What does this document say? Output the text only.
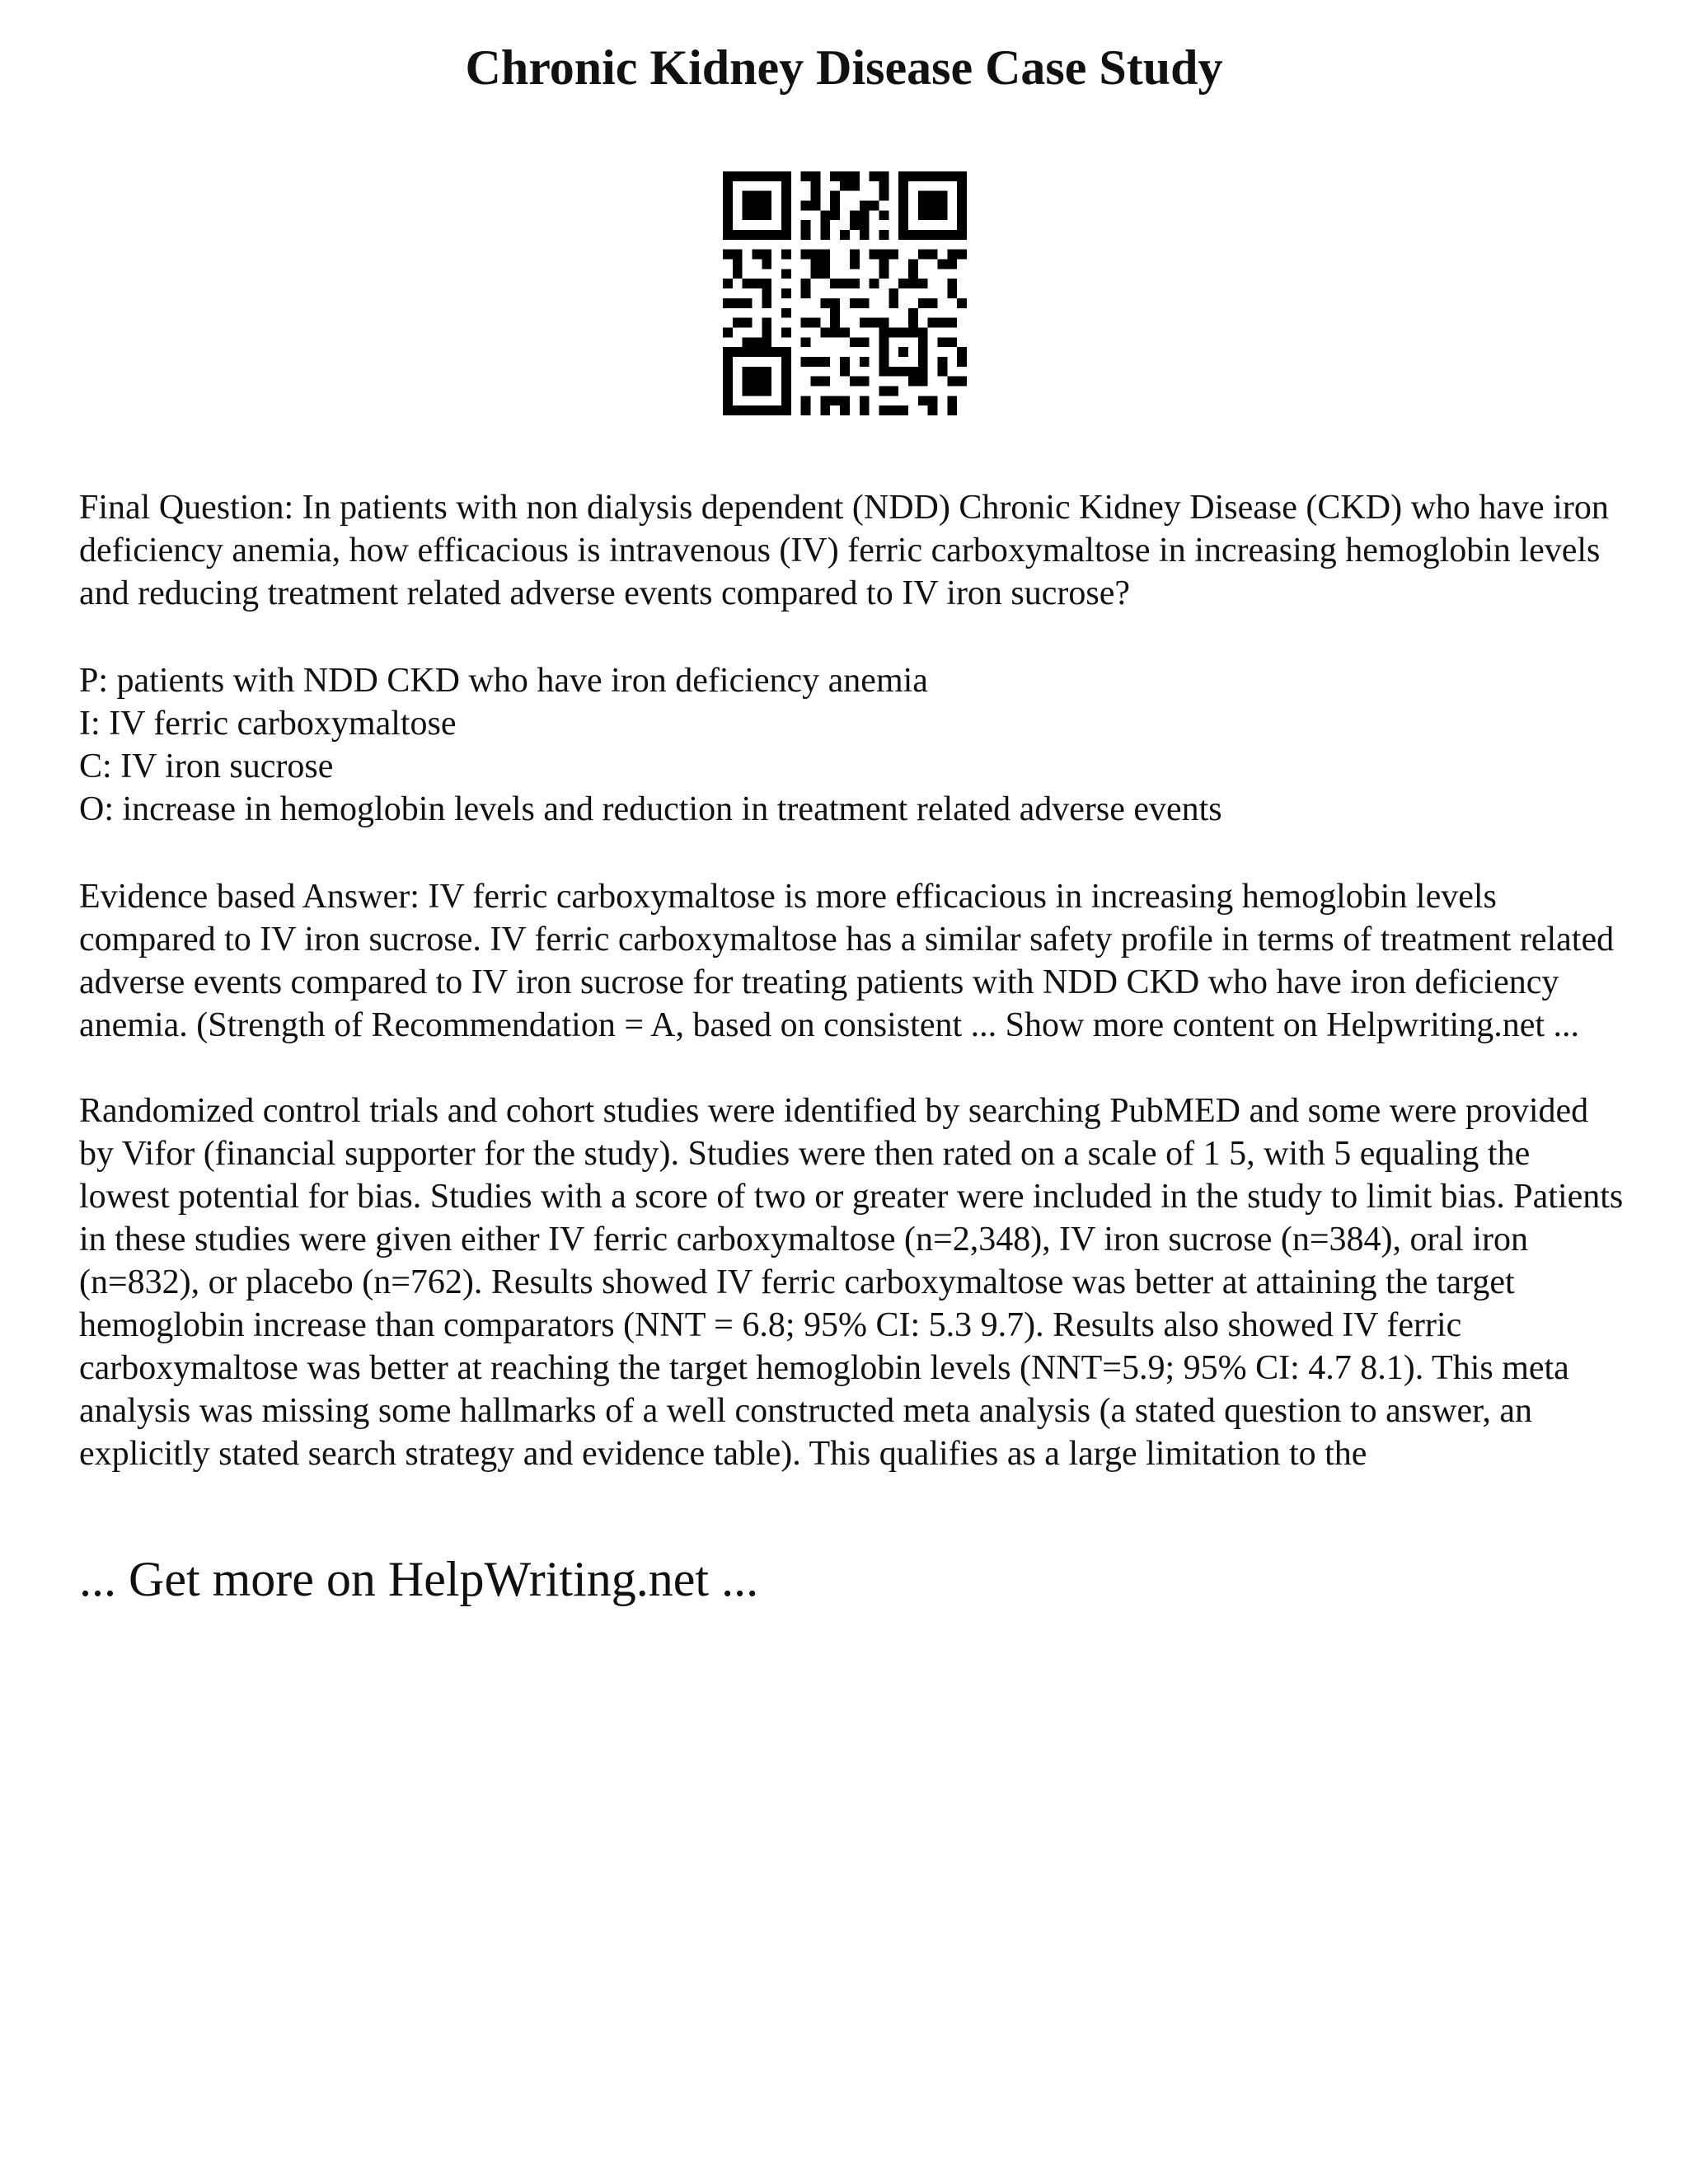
Chronic Kidney Disease Case Study

Final Question: In patients with non dialysis dependent (NDD) Chronic Kidney Disease (CKD) who have iron deficiency anemia, how efficacious is intravenous (IV) ferric carboxymaltose in increasing hemoglobin levels and reducing treatment related adverse events compared to IV iron sucrose?

P: patients with NDD CKD who have iron deficiency anemia
I: IV ferric carboxymaltose
C: IV iron sucrose
O: increase in hemoglobin levels and reduction in treatment related adverse events

Evidence based Answer: IV ferric carboxymaltose is more efficacious in increasing hemoglobin levels compared to IV iron sucrose. IV ferric carboxymaltose has a similar safety profile in terms of treatment related adverse events compared to IV iron sucrose for treating patients with NDD CKD who have iron deficiency anemia. (Strength of Recommendation = A, based on consistent ... Show more content on Helpwriting.net ...

Randomized control trials and cohort studies were identified by searching PubMED and some were provided by Vifor (financial supporter for the study). Studies were then rated on a scale of 1 5, with 5 equaling the lowest potential for bias. Studies with a score of two or greater were included in the study to limit bias. Patients in these studies were given either IV ferric carboxymaltose (n=2,348), IV iron sucrose (n=384), oral iron (n=832), or placebo (n=762). Results showed IV ferric carboxymaltose was better at attaining the target hemoglobin increase than comparators (NNT = 6.8; 95% CI: 5.3 9.7). Results also showed IV ferric carboxymaltose was better at reaching the target hemoglobin levels (NNT=5.9; 95% CI: 4.7 8.1). This meta analysis was missing some hallmarks of a well constructed meta analysis (a stated question to answer, an explicitly stated search strategy and evidence table). This qualifies as a large limitation to the

... Get more on HelpWriting.net ...
